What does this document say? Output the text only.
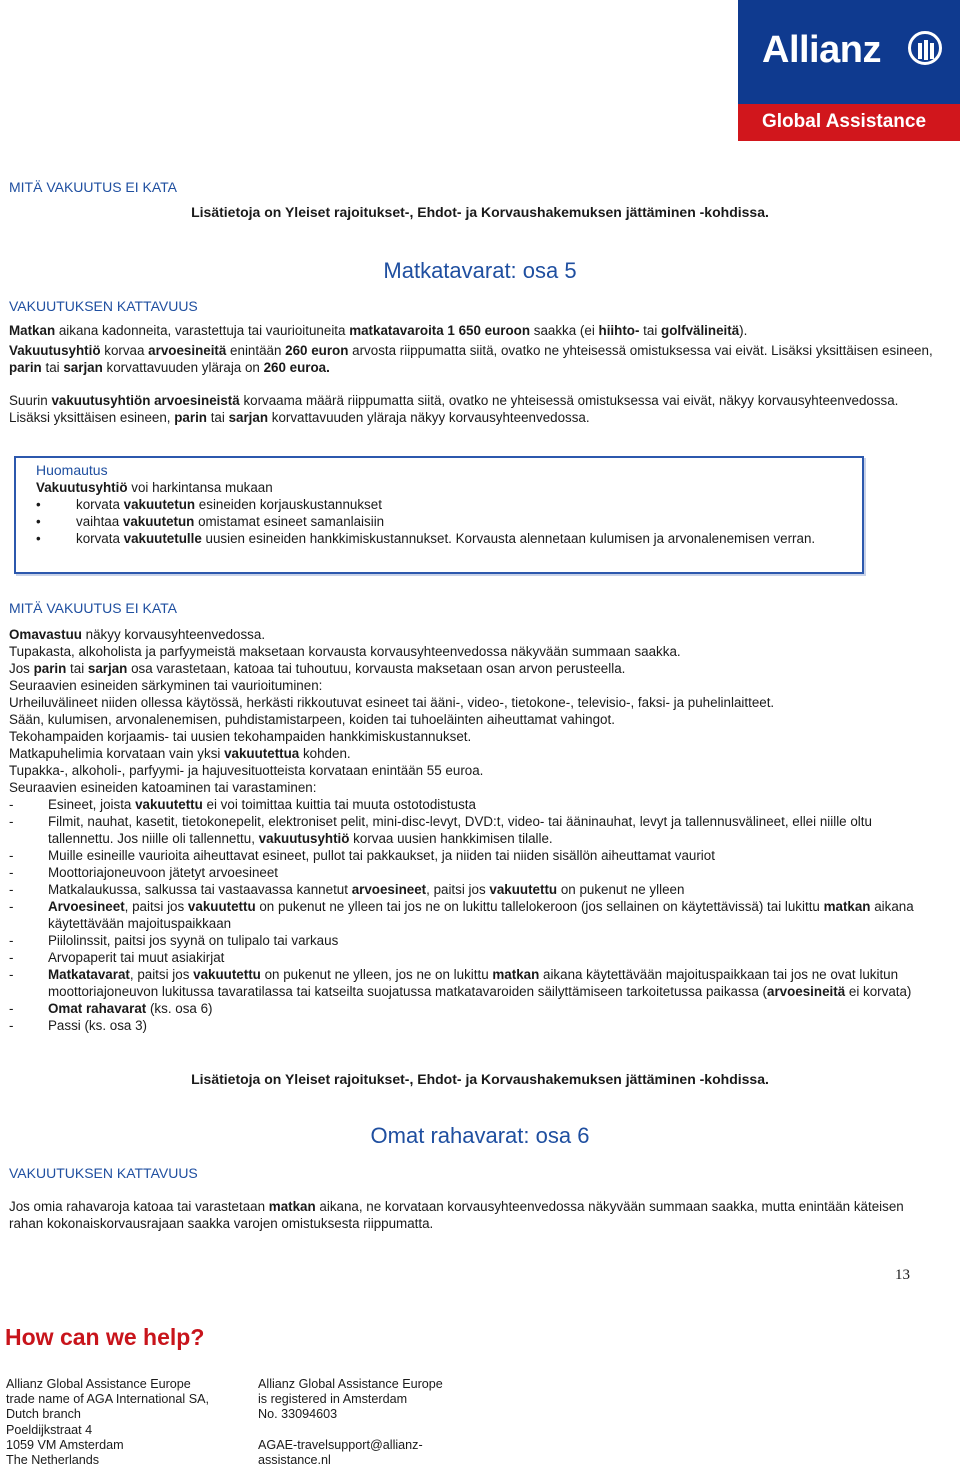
Allianz
Global Assistance
MITÄ VAKUUTUS EI KATA
Lisätietoja on Yleiset rajoitukset-, Ehdot- ja Korvaushakemuksen jättäminen -kohdissa.
Matkatavarat: osa 5
VAKUUTUKSEN KATTAVUUS

Matkan aikana kadonneita, varastettuja tai vaurioituneita matkatavaroita 1 650 euroon saakka (ei hiihto- tai golfvälineitä).

Vakuutusyhtiö korvaa arvoesineitä enintään 260 euron arvosta riippumatta siitä, ovatko ne yhteisessä omistuksessa vai eivät. Lisäksi yksittäisen esineen, parin tai sarjan korvattavuuden yläraja on 260 euroa.

Suurin vakuutusyhtiön arvoesineistä korvaama määrä riippumatta siitä, ovatko ne yhteisessä omistuksessa vai eivät, näkyy korvausyhteenvedossa. Lisäksi yksittäisen esineen, parin tai sarjan korvattavuuden yläraja näkyy korvausyhteenvedossa.

Huomautus
Vakuutusyhtiö voi harkintansa mukaan
•	korvata vakuutetun esineiden korjauskustannukset
•	vaihtaa vakuutetun omistamat esineet samanlaisiin
•	korvata vakuutetulle uusien esineiden hankkimiskustannukset. Korvausta alennetaan kulumisen ja arvonalenemisen verran.
MITÄ VAKUUTUS EI KATA

Omavastuu näkyy korvausyhteenvedossa.

Tupakasta, alkoholista ja parfyymeistä maksetaan korvausta korvausyhteenvedossa näkyvään summaan saakka.

Jos parin tai sarjan osa varastetaan, katoaa tai tuhoutuu, korvausta maksetaan osan arvon perusteella.

Seuraavien esineiden särkyminen tai vaurioituminen:

Urheiluvälineet niiden ollessa käytössä, herkästi rikkoutuvat esineet tai ääni-, video-, tietokone-, televisio-, faksi- ja puhelinlaitteet.

Sään, kulumisen, arvonalenemisen, puhdistamistarpeen, koiden tai tuhoeläinten aiheuttamat vahingot.

Tekohampaiden korjaamis- tai uusien tekohampaiden hankkimiskustannukset.

Matkapuhelimia korvataan vain yksi vakuutettua kohden.

Tupakka-, alkoholi-, parfyymi- ja hajuvesituotteista korvataan enintään 55 euroa.

Seuraavien esineiden katoaminen tai varastaminen:

-	Esineet, joista vakuutettu ei voi toimittaa kuittia tai muuta ostotodistusta

-	Filmit, nauhat, kasetit, tietokonepelit, elektroniset pelit, mini-disc-levyt, DVD:t, video- tai ääninauhat, levyt ja tallennusvälineet, ellei niille oltu tallennettu. Jos niille oli tallennettu, vakuutusyhtiö korvaa uusien hankkimisen tilalle.

-	Muille esineille vaurioita aiheuttavat esineet, pullot tai pakkaukset, ja niiden tai niiden sisällön aiheuttamat vauriot

-	Moottoriajoneuvoon jätetyt arvoesineet

-	Matkalaukussa, salkussa tai vastaavassa kannetut arvoesineet, paitsi jos vakuutettu on pukenut ne ylleen

-	Arvoesineet, paitsi jos vakuutettu on pukenut ne ylleen tai jos ne on lukittu tallelokeroon (jos sellainen on käytettävissä) tai lukittu matkan aikana käytettävään majoituspaikkaan

-	Piilolinssit, paitsi jos syynä on tulipalo tai varkaus

-	Arvopaperit tai muut asiakirjat

-	Matkatavarat, paitsi jos vakuutettu on pukenut ne ylleen, jos ne on lukittu matkan aikana käytettävään majoituspaikkaan tai jos ne ovat lukitun moottoriajoneuvon lukitussa tavaratilassa tai katseilta suojatussa matkatavaroiden säilyttämiseen tarkoitetussa paikassa (arvoesineitä ei korvata)

-	Omat rahavarat (ks. osa 6)

-	Passi (ks. osa 3)

Lisätietoja on Yleiset rajoitukset-, Ehdot- ja Korvaushakemuksen jättäminen -kohdissa.
Omat rahavarat: osa 6
VAKUUTUKSEN KATTAVUUS

Jos omia rahavaroja katoaa tai varastetaan matkan aikana, ne korvataan korvausyhteenvedossa näkyvään summaan saakka, mutta enintään käteisen rahan kokonaiskorvausrajaan saakka varojen omistuksesta riippumatta.

13
How can we help?
Allianz Global Assistance Europe
trade name of AGA International SA,
Dutch branch
Poeldijkstraat 4
1059 VM Amsterdam
The Netherlands
Allianz Global Assistance Europe
is registered in Amsterdam
No. 33094603

AGAE-travelsupport@allianz-
assistance.nl
